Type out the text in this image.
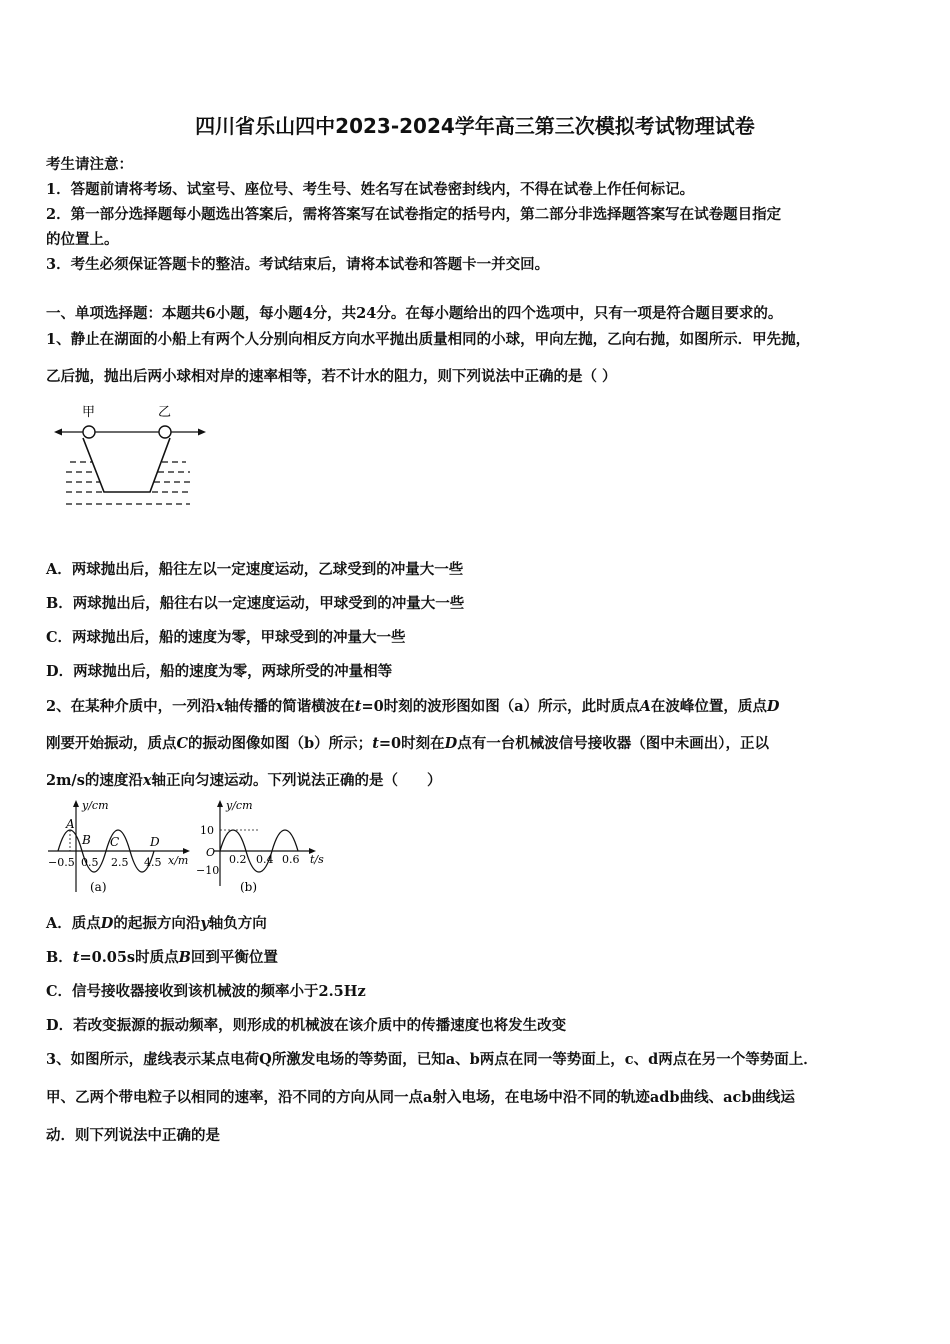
四川省乐山四中2023-2024学年高三第三次模拟考试物理试卷
考生请注意：
1．答题前请将考场、试室号、座位号、考生号、姓名写在试卷密封线内，不得在试卷上作任何标记。
2．第一部分选择题每小题选出答案后，需将答案写在试卷指定的括号内，第二部分非选择题答案写在试卷题目指定
的位置上。
3．考生必须保证答题卡的整洁。考试结束后，请将本试卷和答题卡一并交回。
一、单项选择题：本题共6小题，每小题4分，共24分。在每小题给出的四个选项中，只有一项是符合题目要求的。
1、静止在湖面的小船上有两个人分别向相反方向水平抛出质量相同的小球，甲向左抛，乙向右抛，如图所示．甲先抛，
乙后抛，抛出后两小球相对岸的速率相等，若不计水的阻力，则下列说法中正确的是（ ）
甲	乙
A．两球抛出后，船往左以一定速度运动，乙球受到的冲量大一些
B．两球抛出后，船往右以一定速度运动，甲球受到的冲量大一些
C．两球抛出后，船的速度为零，甲球受到的冲量大一些
D．两球抛出后，船的速度为零，两球所受的冲量相等
2、在某种介质中，一列沿x轴传播的简谐横波在t=0时刻的波形图如图（a）所示，此时质点A在波峰位置，质点D
刚要开始振动，质点C的振动图像如图（b）所示；t=0时刻在D点有一台机械波信号接收器（图中未画出），正以
2m/s的速度沿x轴正向匀速运动。下列说法正确的是（　　）
y/cm
A
B C	D
−0.5 0.5 2.5 4.5 x/m
(a)
y/cm
10
O
−10
0.2 0.4 0.6 t/s
(b)
A．质点D的起振方向沿y轴负方向
B．t=0.05s时质点B回到平衡位置
C．信号接收器接收到该机械波的频率小于2.5Hz
D．若改变振源的振动频率，则形成的机械波在该介质中的传播速度也将发生改变
3、如图所示，虚线表示某点电荷Q所激发电场的等势面，已知a、b两点在同一等势面上，c、d两点在另一个等势面上．
甲、乙两个带电粒子以相同的速率，沿不同的方向从同一点a射入电场，在电场中沿不同的轨迹adb曲线、acb曲线运
动．则下列说法中正确的是
